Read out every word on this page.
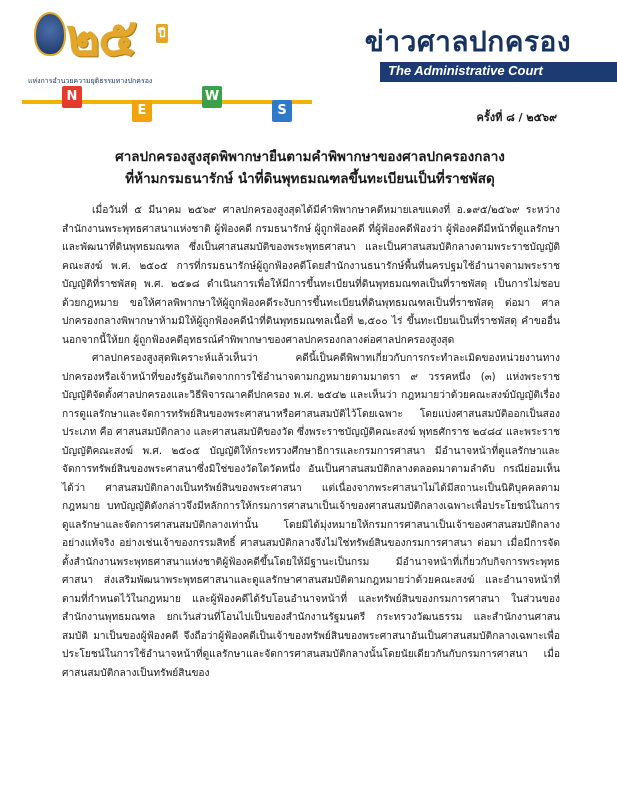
๒๕ ปี
แห่งการอำนวยความยุติธรรมทางปกครอง
N
E
W
S
ข่าวศาลปกครอง
The Administrative Court
ครั้งที่ ๘ / ๒๕๖๙
ศาลปกครองสูงสุดพิพากษายืนตามคำพิพากษาของศาลปกครองกลาง
ที่ห้ามกรมธนารักษ์ นำที่ดินพุทธมณฑลขึ้นทะเบียนเป็นที่ราชพัสดุ

เมื่อวันที่ ๕ มีนาคม ๒๕๖๙ ศาลปกครองสูงสุดได้มีคำพิพากษาคดีหมายเลขแดงที่ อ.๑๙๕/๒๕๖๙ ระหว่าง สำนักงานพระพุทธศาสนาแห่งชาติ ผู้ฟ้องคดี กรมธนารักษ์ ผู้ถูกฟ้องคดี ที่ผู้ฟ้องคดีฟ้องว่า ผู้ฟ้องคดีมีหน้าที่ดูแลรักษาและพัฒนาที่ดินพุทธมณฑล ซึ่งเป็นศาสนสมบัติของพระพุทธศาสนา และเป็นศาสนสมบัติกลางตามพระราชบัญญัติคณะสงฆ์ พ.ศ. ๒๕๐๕ การที่กรมธนารักษ์ผู้ถูกฟ้องคดีโดยสำนักงานธนารักษ์พื้นที่นครปฐมใช้อำนาจตามพระราชบัญญัติที่ราชพัสดุ พ.ศ. ๒๕๑๘ ดำเนินการเพื่อให้มีการขึ้นทะเบียนที่ดินพุทธมณฑลเป็นที่ราชพัสดุ เป็นการไม่ชอบด้วยกฎหมาย ขอให้ศาลพิพากษาให้ผู้ถูกฟ้องคดีระงับการขึ้นทะเบียนที่ดินพุทธมณฑลเป็นที่ราชพัสดุ ต่อมา ศาลปกครองกลางพิพากษาห้ามมิให้ผู้ถูกฟ้องคดีนำที่ดินพุทธมณฑลเนื้อที่ ๒,๕๐๐ ไร่ ขึ้นทะเบียนเป็นที่ราชพัสดุ คำขออื่นนอกจากนี้ให้ยก ผู้ถูกฟ้องคดีอุทธรณ์คำพิพากษาของศาลปกครองกลางต่อศาลปกครองสูงสุด

ศาลปกครองสูงสุดพิเคราะห์แล้วเห็นว่า คดีนี้เป็นคดีพิพาทเกี่ยวกับการกระทำละเมิดของหน่วยงานทางปกครองหรือเจ้าหน้าที่ของรัฐอันเกิดจากการใช้อำนาจตามกฎหมายตามมาตรา ๙ วรรคหนึ่ง (๓) แห่งพระราชบัญญัติจัดตั้งศาลปกครองและวิธีพิจารณาคดีปกครอง พ.ศ. ๒๕๔๒ และเห็นว่า กฎหมายว่าด้วยคณะสงฆ์บัญญัติเรื่องการดูแลรักษาและจัดการทรัพย์สินของพระศาสนาหรือศาสนสมบัติไว้โดยเฉพาะ โดยแบ่งศาสนสมบัติออกเป็นสองประเภท คือ ศาสนสมบัติกลาง และศาสนสมบัติของวัด ซึ่งพระราชบัญญัติคณะสงฆ์ พุทธศักราช ๒๔๘๔ และพระราชบัญญัติคณะสงฆ์ พ.ศ. ๒๕๐๕ บัญญัติให้กระทรวงศึกษาธิการและกรมการศาสนา มีอำนาจหน้าที่ดูแลรักษาและจัดการทรัพย์สินของพระศาสนาซึ่งมิใช่ของวัดใดวัดหนึ่ง อันเป็นศาสนสมบัติกลางตลอดมาตามลำดับ กรณีย่อมเห็นได้ว่า ศาสนสมบัติกลางเป็นทรัพย์สินของพระศาสนา แต่เนื่องจากพระศาสนาไม่ได้มีสถานะเป็นนิติบุคคลตามกฎหมาย บทบัญญัติดังกล่าวจึงมีหลักการให้กรมการศาสนาเป็นเจ้าของศาสนสมบัติกลางเฉพาะเพื่อประโยชน์ในการดูแลรักษาและจัดการศาสนสมบัติกลางเท่านั้น โดยมิได้มุ่งหมายให้กรมการศาสนาเป็นเจ้าของศาสนสมบัติกลางอย่างแท้จริง อย่างเช่นเจ้าของกรรมสิทธิ์ ศาสนสมบัติกลางจึงไม่ใช่ทรัพย์สินของกรมการศาสนา ต่อมา เมื่อมีการจัดตั้งสำนักงานพระพุทธศาสนาแห่งชาติผู้ฟ้องคดีขึ้นโดยให้มีฐานะเป็นกรม มีอำนาจหน้าที่เกี่ยวกับกิจการพระพุทธศาสนา ส่งเสริมพัฒนาพระพุทธศาสนาและดูแลรักษาศาสนสมบัติตามกฎหมายว่าด้วยคณะสงฆ์ และอำนาจหน้าที่ตามที่กำหนดไว้ในกฎหมาย และผู้ฟ้องคดีได้รับโอนอำนาจหน้าที่ และทรัพย์สินของกรมการศาสนา ในส่วนของสำนักงานพุทธมณฑล ยกเว้นส่วนที่โอนไปเป็นของสำนักงานรัฐมนตรี กระทรวงวัฒนธรรม และสำนักงานศาสนสมบัติ มาเป็นของผู้ฟ้องคดี จึงถือว่าผู้ฟ้องคดีเป็นเจ้าของทรัพย์สินของพระศาสนาอันเป็นศาสนสมบัติกลางเฉพาะเพื่อประโยชน์ในการใช้อำนาจหน้าที่ดูแลรักษาและจัดการศาสนสมบัติกลางนั้นโดยนัยเดียวกันกับกรมการศาสนา เมื่อศาสนสมบัติกลางเป็นทรัพย์สินของ
